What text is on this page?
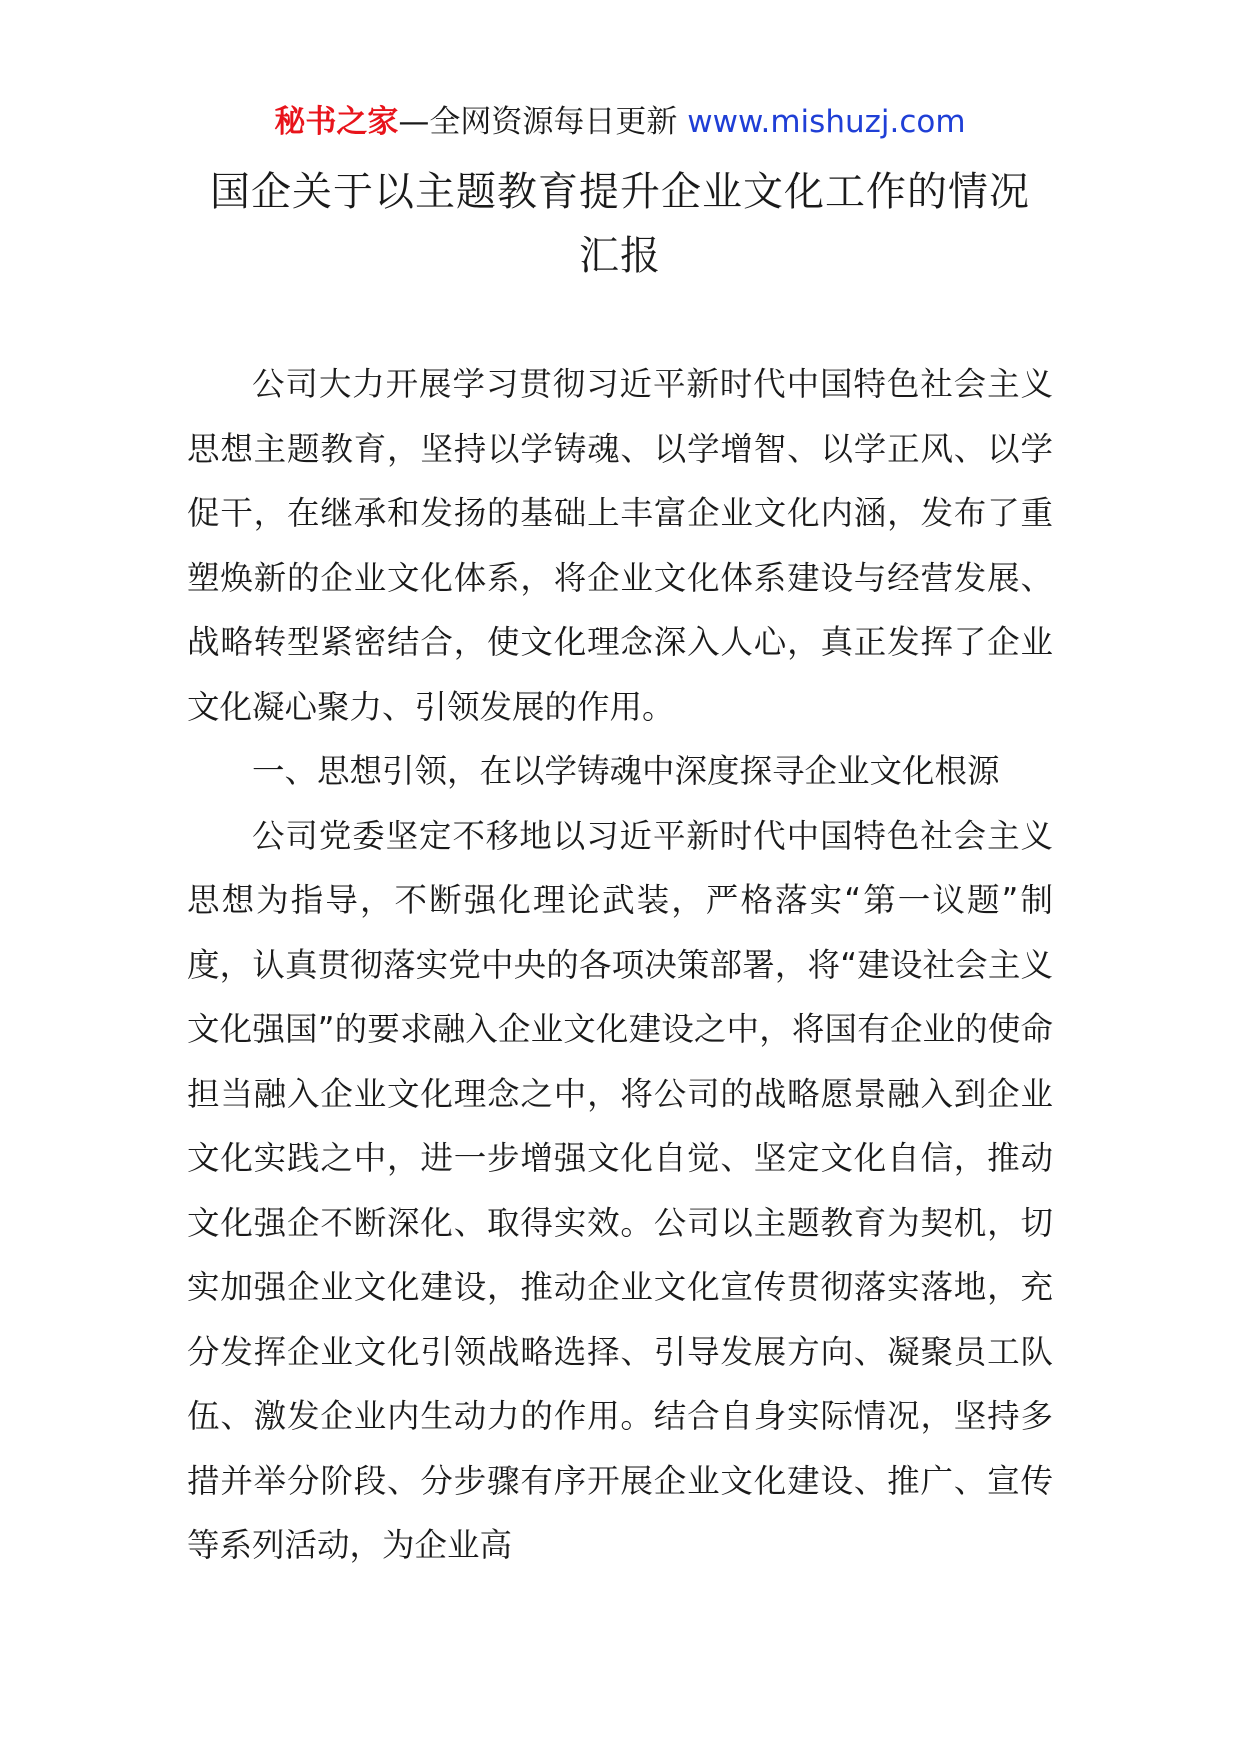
秘书之家—全网资源每日更新 www.mishuzj.com
国企关于以主题教育提升企业文化工作的情况
汇报

公司大力开展学习贯彻习近平新时代中国特色社会主义思想主题教育，坚持以学铸魂、以学增智、以学正风、以学促干，在继承和发扬的基础上丰富企业文化内涵，发布了重塑焕新的企业文化体系，将企业文化体系建设与经营发展、战略转型紧密结合，使文化理念深入人心，真正发挥了企业文化凝心聚力、引领发展的作用。

一、思想引领，在以学铸魂中深度探寻企业文化根源

公司党委坚定不移地以习近平新时代中国特色社会主义思想为指导，不断强化理论武装，严格落实“第一议题”制度，认真贯彻落实党中央的各项决策部署，将“建设社会主义文化强国”的要求融入企业文化建设之中，将国有企业的使命担当融入企业文化理念之中，将公司的战略愿景融入到企业文化实践之中，进一步增强文化自觉、坚定文化自信，推动文化强企不断深化、取得实效。公司以主题教育为契机，切实加强企业文化建设，推动企业文化宣传贯彻落实落地，充分发挥企业文化引领战略选择、引导发展方向、凝聚员工队伍、激发企业内生动力的作用。结合自身实际情况，坚持多措并举分阶段、分步骤有序开展企业文化建设、推广、宣传等系列活动，为企业高
